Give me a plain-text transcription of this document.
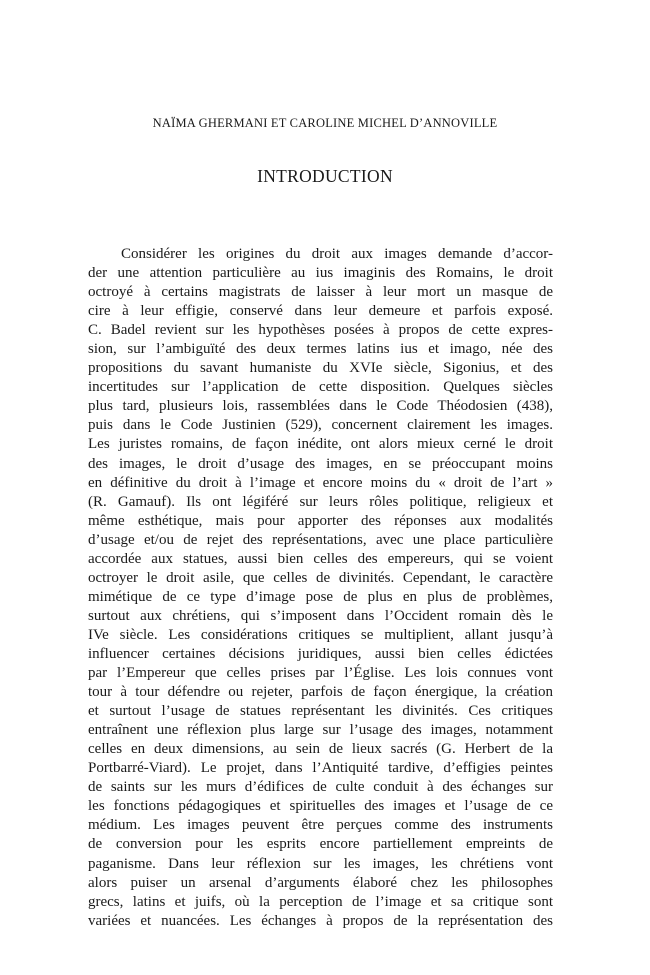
NAÏMA GHERMANI ET CAROLINE MICHEL D’ANNOVILLE
INTRODUCTION
Considérer les origines du droit aux images demande d’accor-
der une attention particulière au ius imaginis des Romains, le droit
octroyé à certains magistrats de laisser à leur mort un masque de
cire à leur effigie, conservé dans leur demeure et parfois exposé.
C. Badel revient sur les hypothèses posées à propos de cette expres-
sion, sur l’ambiguïté des deux termes latins ius et imago, née des
propositions du savant humaniste du XVIe siècle, Sigonius, et des
incertitudes sur l’application de cette disposition. Quelques siècles
plus tard, plusieurs lois, rassemblées dans le Code Théodosien (438),
puis dans le Code Justinien (529), concernent clairement les images.
Les juristes romains, de façon inédite, ont alors mieux cerné le droit
des images, le droit d’usage des images, en se préoccupant moins
en définitive du droit à l’image et encore moins du « droit de l’art »
(R. Gamauf). Ils ont légiféré sur leurs rôles politique, religieux et
même esthétique, mais pour apporter des réponses aux modalités
d’usage et/ou de rejet des représentations, avec une place particulière
accordée aux statues, aussi bien celles des empereurs, qui se voient
octroyer le droit asile, que celles de divinités. Cependant, le caractère
mimétique de ce type d’image pose de plus en plus de problèmes,
surtout aux chrétiens, qui s’imposent dans l’Occident romain dès le
IVe siècle. Les considérations critiques se multiplient, allant jusqu’à
influencer certaines décisions juridiques, aussi bien celles édictées
par l’Empereur que celles prises par l’Église. Les lois connues vont
tour à tour défendre ou rejeter, parfois de façon énergique, la création
et surtout l’usage de statues représentant les divinités. Ces critiques
entraînent une réflexion plus large sur l’usage des images, notamment
celles en deux dimensions, au sein de lieux sacrés (G. Herbert de la
Portbarré-Viard). Le projet, dans l’Antiquité tardive, d’effigies peintes
de saints sur les murs d’édifices de culte conduit à des échanges sur
les fonctions pédagogiques et spirituelles des images et l’usage de ce
médium. Les images peuvent être perçues comme des instruments
de conversion pour les esprits encore partiellement empreints de
paganisme. Dans leur réflexion sur les images, les chrétiens vont
alors puiser un arsenal d’arguments élaboré chez les philosophes
grecs, latins et juifs, où la perception de l’image et sa critique sont
variées et nuancées. Les échanges à propos de la représentation des
